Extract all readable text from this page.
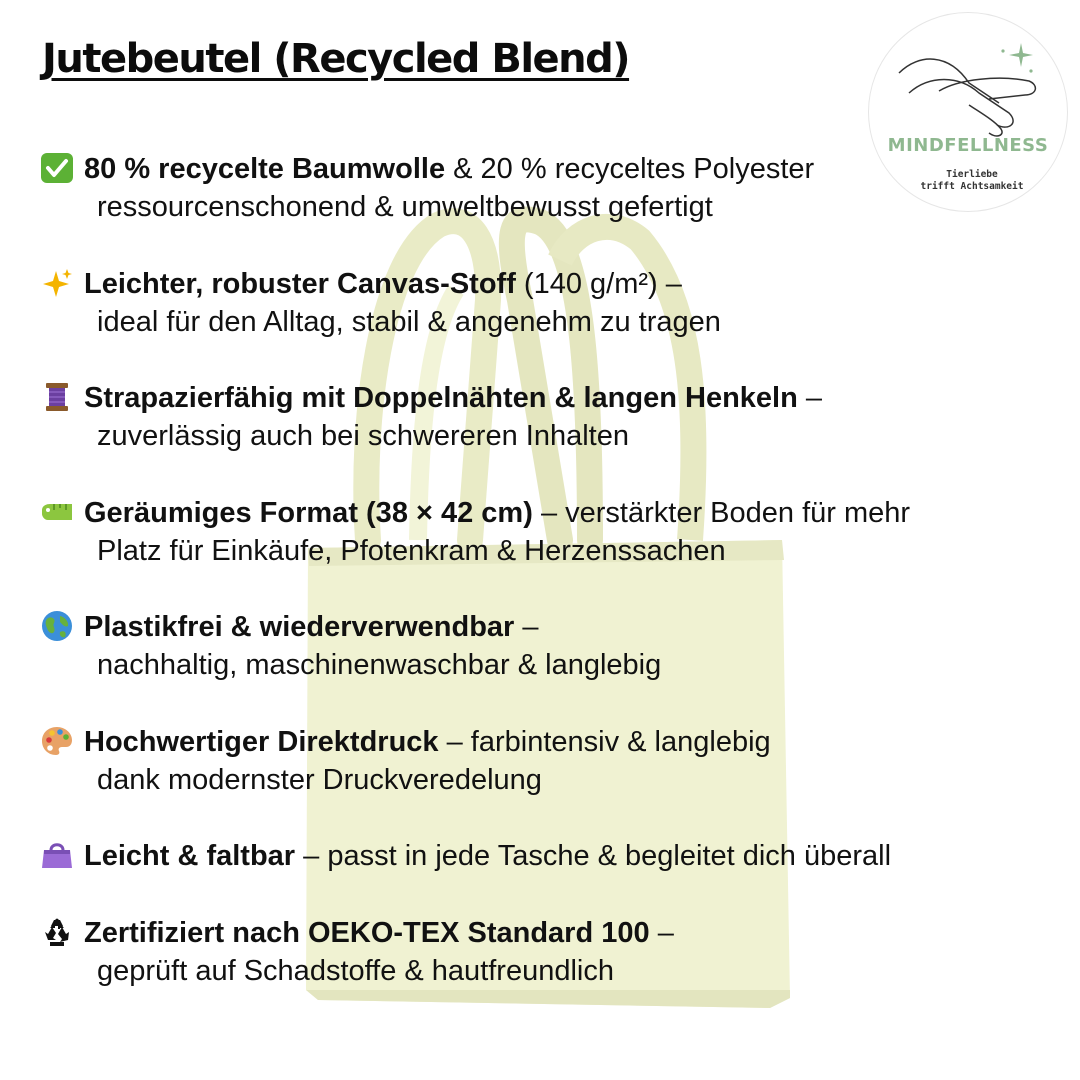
Jutebeutel (Recycled Blend)
MINDFELLNESS
Tierliebe
trifft Achtsamkeit
80 % recycelte Baumwolle & 20 % recyceltes Polyester
ressourcenschonend & umweltbewusst gefertigt
Leichter, robuster Canvas-Stoff (140 g/m²) –
ideal für den Alltag, stabil & angenehm zu tragen
Strapazierfähig mit Doppelnähten & langen Henkeln –
zuverlässig auch bei schwereren Inhalten
Geräumiges Format (38 × 42 cm) – verstärkter Boden für mehr
Platz für Einkäufe, Pfotenkram & Herzenssachen
Plastikfrei & wiederverwendbar –
nachhaltig, maschinenwaschbar & langlebig
Hochwertiger Direktdruck – farbintensiv & langlebig
dank modernster Druckveredelung
Leicht & faltbar – passt in jede Tasche & begleitet dich überall
Zertifiziert nach OEKO-TEX Standard 100 –
geprüft auf Schadstoffe & hautfreundlich
